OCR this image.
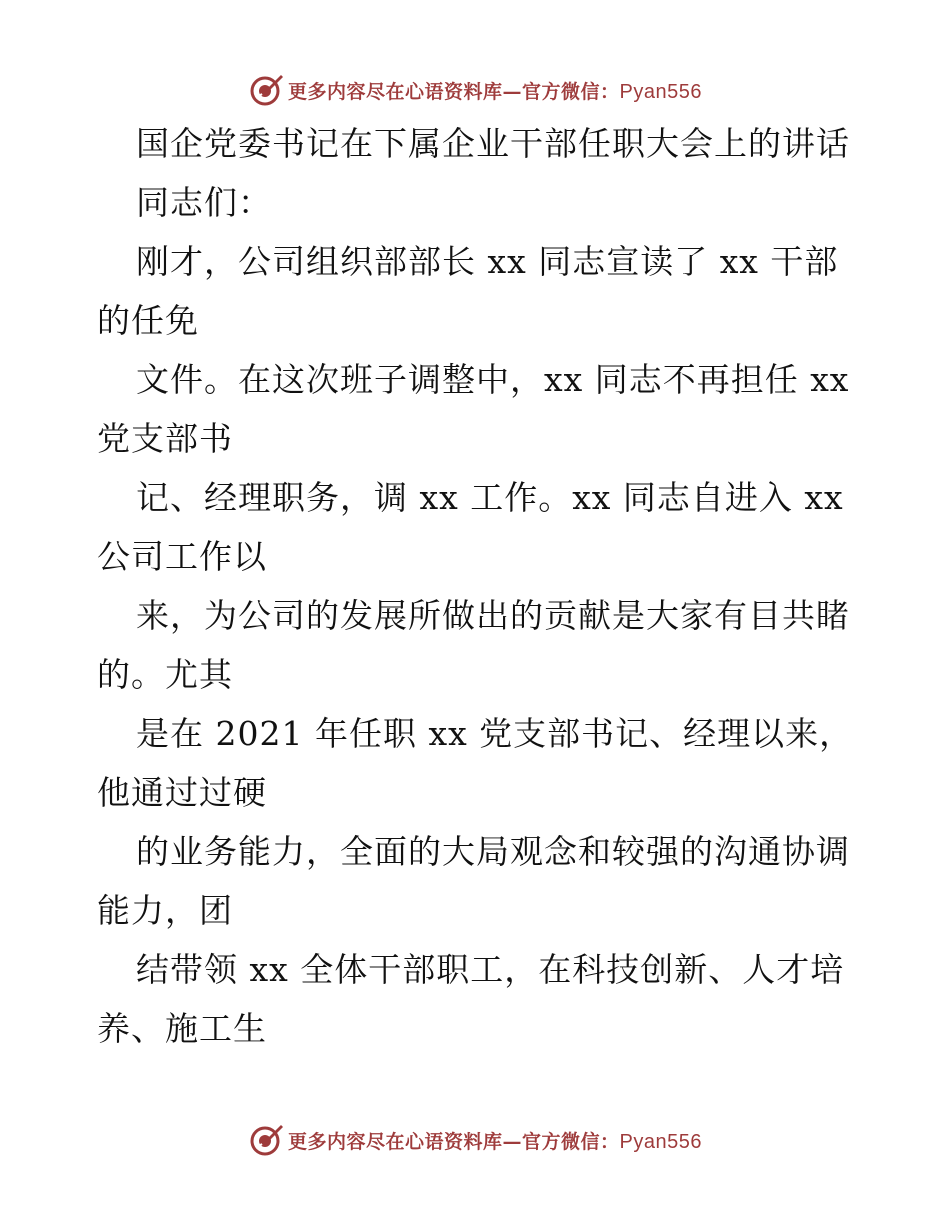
更多内容尽在心语资料库—官方微信：Pyan556
国企党委书记在下属企业干部任职大会上的讲话
同志们：
刚才，公司组织部部长 xx 同志宣读了 xx 干部
的任免
文件。在这次班子调整中，xx 同志不再担任 xx
党支部书
记、经理职务，调 xx 工作。xx 同志自进入 xx
公司工作以
来，为公司的发展所做出的贡献是大家有目共睹
的。尤其
是在 2021 年任职 xx 党支部书记、经理以来，
他通过过硬
的业务能力，全面的大局观念和较强的沟通协调
能力，团
结带领 xx 全体干部职工，在科技创新、人才培
养、施工生
更多内容尽在心语资料库—官方微信：Pyan556
